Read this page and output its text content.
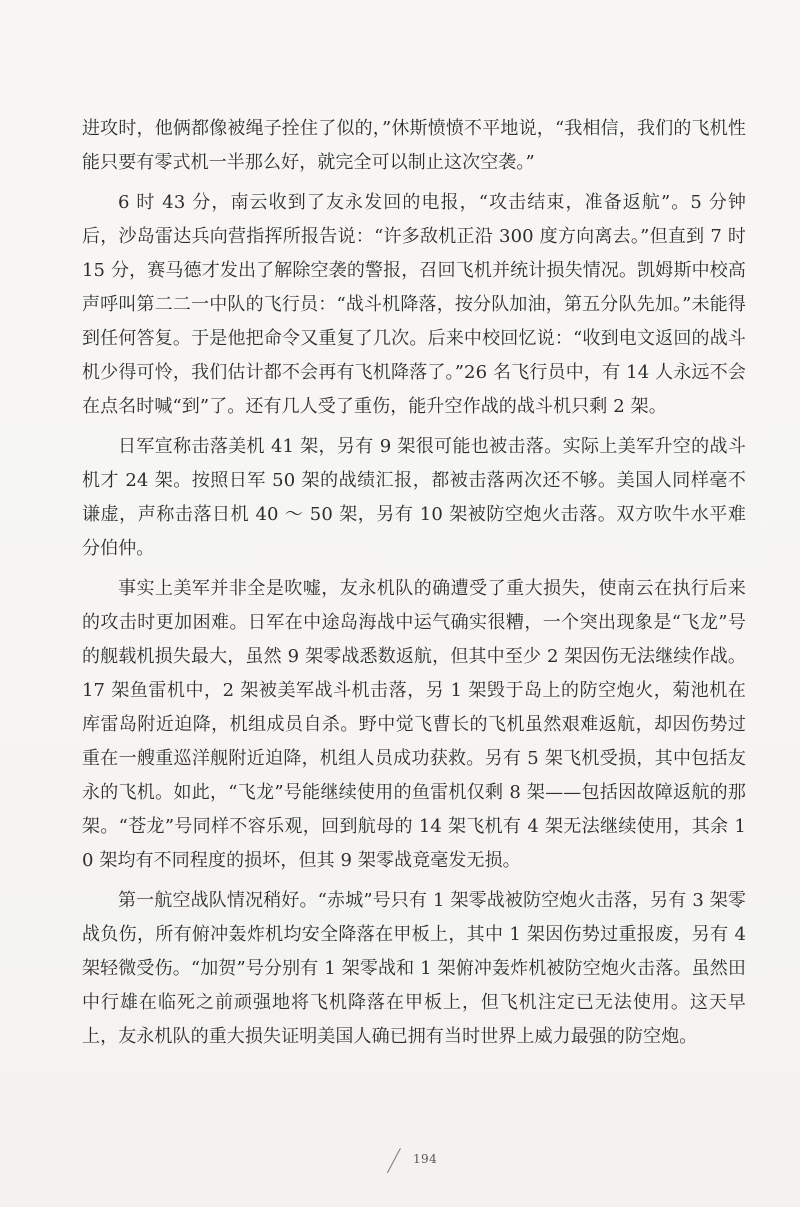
进攻时，他俩都像被绳子拴住了似的，”休斯愤愤不平地说，“我相信，我们的飞机性能只要有零式机一半那么好，就完全可以制止这次空袭。”

6 时 43 分，南云收到了友永发回的电报，“攻击结束，准备返航”。5 分钟后，沙岛雷达兵向营指挥所报告说：“许多敌机正沿 300 度方向离去。”但直到 7 时 15 分，赛马德才发出了解除空袭的警报，召回飞机并统计损失情况。凯姆斯中校高声呼叫第二二一中队的飞行员：“战斗机降落，按分队加油，第五分队先加。”未能得到任何答复。于是他把命令又重复了几次。后来中校回忆说：“收到电文返回的战斗机少得可怜，我们估计都不会再有飞机降落了。”26 名飞行员中，有 14 人永远不会在点名时喊“到”了。还有几人受了重伤，能升空作战的战斗机只剩 2 架。

日军宣称击落美机 41 架，另有 9 架很可能也被击落。实际上美军升空的战斗机才 24 架。按照日军 50 架的战绩汇报，都被击落两次还不够。美国人同样毫不谦虚，声称击落日机 40 ～ 50 架，另有 10 架被防空炮火击落。双方吹牛水平难分伯仲。

事实上美军并非全是吹嘘，友永机队的确遭受了重大损失，使南云在执行后来的攻击时更加困难。日军在中途岛海战中运气确实很糟，一个突出现象是“飞龙”号的舰载机损失最大，虽然 9 架零战悉数返航，但其中至少 2 架因伤无法继续作战。17 架鱼雷机中，2 架被美军战斗机击落，另 1 架毁于岛上的防空炮火，菊池机在库雷岛附近迫降，机组成员自杀。野中觉飞曹长的飞机虽然艰难返航，却因伤势过重在一艘重巡洋舰附近迫降，机组人员成功获救。另有 5 架飞机受损，其中包括友永的飞机。如此，“飞龙”号能继续使用的鱼雷机仅剩 8 架——包括因故障返航的那架。“苍龙”号同样不容乐观，回到航母的 14 架飞机有 4 架无法继续使用，其余 10 架均有不同程度的损坏，但其 9 架零战竟毫发无损。

第一航空战队情况稍好。“赤城”号只有 1 架零战被防空炮火击落，另有 3 架零战负伤，所有俯冲轰炸机均安全降落在甲板上，其中 1 架因伤势过重报废，另有 4 架轻微受伤。“加贺”号分别有 1 架零战和 1 架俯冲轰炸机被防空炮火击落。虽然田中行雄在临死之前顽强地将飞机降落在甲板上，但飞机注定已无法使用。这天早上，友永机队的重大损失证明美国人确已拥有当时世界上威力最强的防空炮。

194
